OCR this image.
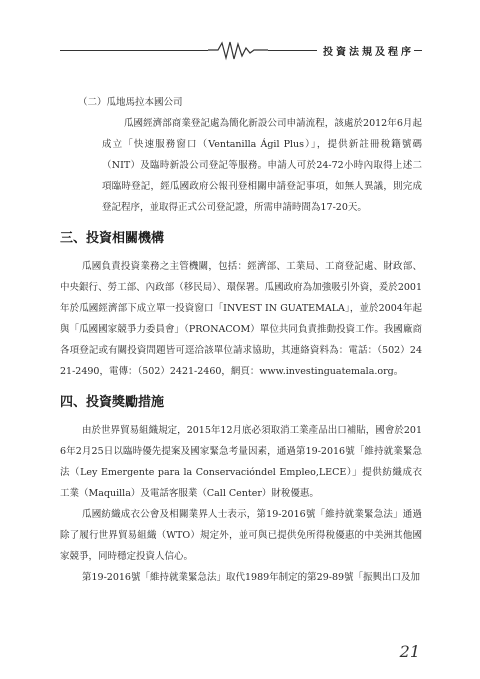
投資法規及程序

（二）瓜地馬拉本國公司

瓜國經濟部商業登記處為簡化新設公司申請流程，該處於2012年6月起成立「快速服務窗口（Ventanilla Ágil Plus）」，提供新註冊稅籍號碼（NIT）及臨時新設公司登記等服務。申請人可於24-72小時內取得上述二項臨時登記，經瓜國政府公報刊登相關申請登記事項，如無人異議，則完成登記程序，並取得正式公司登記證，所需申請時間為17-20天。

三、投資相關機構

瓜國負責投資業務之主管機關，包括：經濟部、工業局、工商登記處、財政部、中央銀行、勞工部、內政部（移民局）、環保署。瓜國政府為加強吸引外資，爰於2001年於瓜國經濟部下成立單一投資窗口「INVEST IN GUATEMALA」，並於2004年起與「瓜國國家競爭力委員會」（PRONACOM）單位共同負責推動投資工作。我國廠商各項登記或有關投資問題皆可逕洽該單位請求協助，其連絡資料為：電話：（502）2421-2490，電傳：（502）2421-2460，網頁：www.investinguatemala.org。

四、投資獎勵措施

由於世界貿易組織規定，2015年12月底必須取消工業產品出口補貼，國會於2016年2月25日以臨時優先提案及國家緊急考量因素，通過第19-2016號「維持就業緊急法（Ley Emergente para la Conservacióndel Empleo,LECE）」提供紡織成衣工業（Maquilla）及電話客服業（Call Center）財稅優惠。

瓜國紡織成衣公會及相關業界人士表示，第19-2016號「維持就業緊急法」通過除了履行世界貿易組織（WTO）規定外，並可與已提供免所得稅優惠的中美洲其他國家競爭，同時穩定投資人信心。

第19-2016號「維持就業緊急法」取代1989年制定的第29-89號「振興出口及加

21
